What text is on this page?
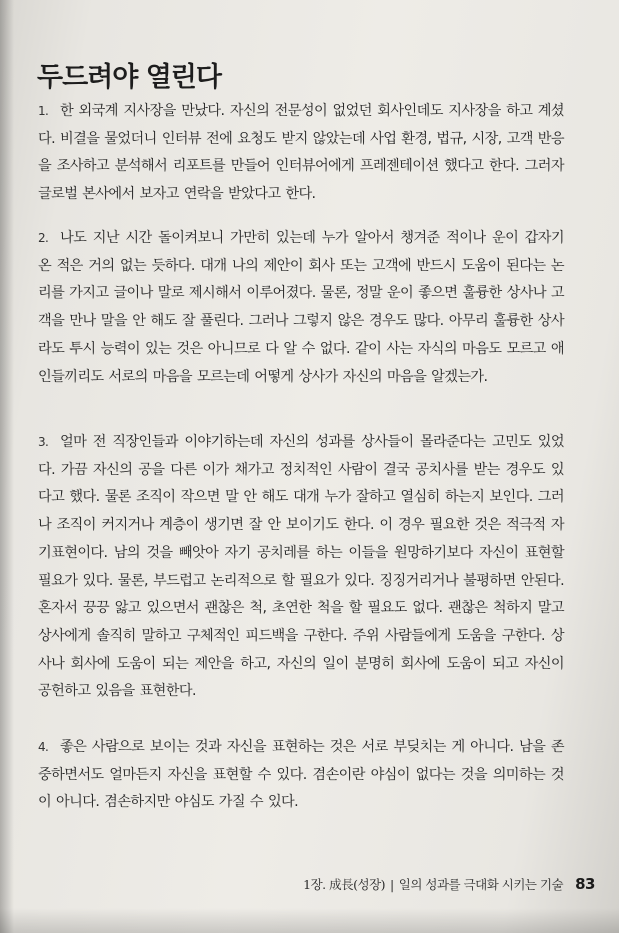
두드려야 열린다

1. 한 외국계 지사장을 만났다. 자신의 전문성이 없었던 회사인데도 지사장을 하고 계셨다. 비결을 물었더니 인터뷰 전에 요청도 받지 않았는데 사업 환경, 법규, 시장, 고객 반응을 조사하고 분석해서 리포트를 만들어 인터뷰어에게 프레젠테이션 했다고 한다. 그러자 글로벌 본사에서 보자고 연락을 받았다고 한다.

2. 나도 지난 시간 돌이켜보니 가만히 있는데 누가 알아서 챙겨준 적이나 운이 갑자기 온 적은 거의 없는 듯하다. 대개 나의 제안이 회사 또는 고객에 반드시 도움이 된다는 논리를 가지고 글이나 말로 제시해서 이루어졌다. 물론, 정말 운이 좋으면 훌륭한 상사나 고객을 만나 말을 안 해도 잘 풀린다. 그러나 그렇지 않은 경우도 많다. 아무리 훌륭한 상사라도 투시 능력이 있는 것은 아니므로 다 알 수 없다. 같이 사는 자식의 마음도 모르고 애인들끼리도 서로의 마음을 모르는데 어떻게 상사가 자신의 마음을 알겠는가.

3. 얼마 전 직장인들과 이야기하는데 자신의 성과를 상사들이 몰라준다는 고민도 있었다. 가끔 자신의 공을 다른 이가 채가고 정치적인 사람이 결국 공치사를 받는 경우도 있다고 했다. 물론 조직이 작으면 말 안 해도 대개 누가 잘하고 열심히 하는지 보인다. 그러나 조직이 커지거나 계층이 생기면 잘 안 보이기도 한다. 이 경우 필요한 것은 적극적 자기표현이다. 남의 것을 빼앗아 자기 공치레를 하는 이들을 원망하기보다 자신이 표현할 필요가 있다. 물론, 부드럽고 논리적으로 할 필요가 있다. 징징거리거나 불평하면 안된다. 혼자서 끙끙 앓고 있으면서 괜찮은 척, 초연한 척을 할 필요도 없다. 괜찮은 척하지 말고 상사에게 솔직히 말하고 구체적인 피드백을 구한다. 주위 사람들에게 도움을 구한다. 상사나 회사에 도움이 되는 제안을 하고, 자신의 일이 분명히 회사에 도움이 되고 자신이 공헌하고 있음을 표현한다.

4. 좋은 사람으로 보이는 것과 자신을 표현하는 것은 서로 부딪치는 게 아니다. 남을 존중하면서도 얼마든지 자신을 표현할 수 있다. 겸손이란 야심이 없다는 것을 의미하는 것이 아니다. 겸손하지만 야심도 가질 수 있다.

1장. 成長(성장) | 일의 성과를 극대화 시키는 기술 83
